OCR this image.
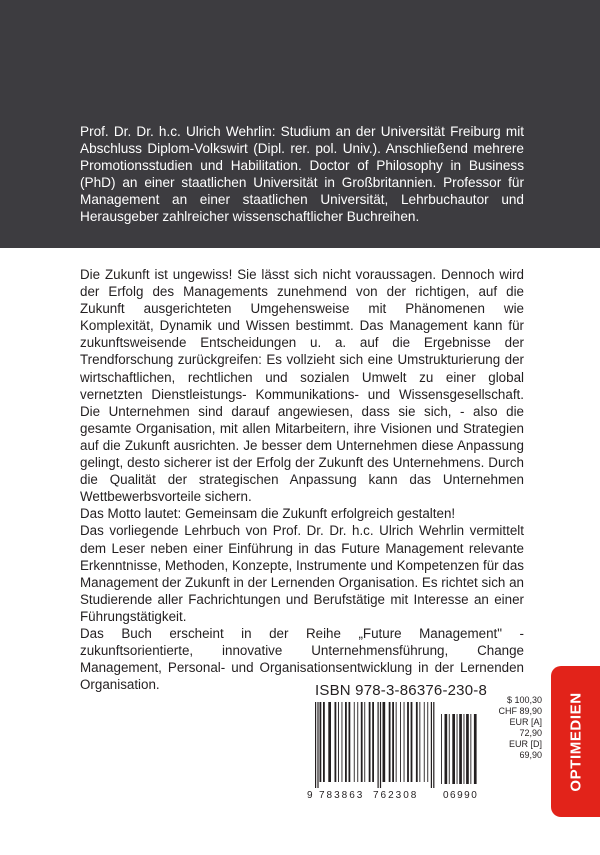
Prof. Dr. Dr. h.c. Ulrich Wehrlin: Studium an der Universität Freiburg mit Abschluss Diplom-Volkswirt (Dipl. rer. pol. Univ.). Anschließend mehrere Promotionsstudien und Habilitation. Doctor of Philosophy in Business (PhD) an einer staatlichen Universität in Großbritannien. Professor für Management an einer staatlichen Universität, Lehrbuchautor und Herausgeber zahlreicher wissenschaftlicher Buchreihen.

Die Zukunft ist ungewiss! Sie lässt sich nicht voraussagen. Dennoch wird der Erfolg des Managements zunehmend von der richtigen, auf die Zukunft ausgerichteten Umgehensweise mit Phänomenen wie Komplexität, Dynamik und Wissen bestimmt. Das Management kann für zukunftsweisende Entscheidungen u. a. auf die Ergebnisse der Trendforschung zurückgreifen: Es vollzieht sich eine Umstrukturierung der wirtschaftlichen, rechtlichen und sozialen Umwelt zu einer global vernetzten Dienstleistungs- Kommunikations- und Wissensgesellschaft. Die Unternehmen sind darauf angewiesen, dass sie sich, - also die gesamte Organisation, mit allen Mitarbeitern, ihre Visionen und Strategien auf die Zukunft ausrichten. Je besser dem Unternehmen diese Anpassung gelingt, desto sicherer ist der Erfolg der Zukunft des Unternehmens. Durch die Qualität der strategischen Anpassung kann das Unternehmen Wettbewerbsvorteile sichern.

Das Motto lautet: Gemeinsam die Zukunft erfolgreich gestalten!

Das vorliegende Lehrbuch von Prof. Dr. Dr. h.c. Ulrich Wehrlin vermittelt dem Leser neben einer Einführung in das Future Management relevante Erkenntnisse, Methoden, Konzepte, Instrumente und Kompetenzen für das Management der Zukunft in der Lernenden Organisation. Es richtet sich an Studierende aller Fachrichtungen und Berufstätige mit Interesse an einer Führungstätigkeit.

Das Buch erscheint in der Reihe „Future Management" - zukunftsorientierte, innovative Unternehmensführung, Change Management, Personal- und Organisationsentwicklung in der Lernenden Organisation.	ISBN 978-3-86376-230-8
9 783863 762308 06990
$ 100,30
CHF 89,90
EUR [A] 72,90
EUR [D] 69,90 OPTIMEDIEN
